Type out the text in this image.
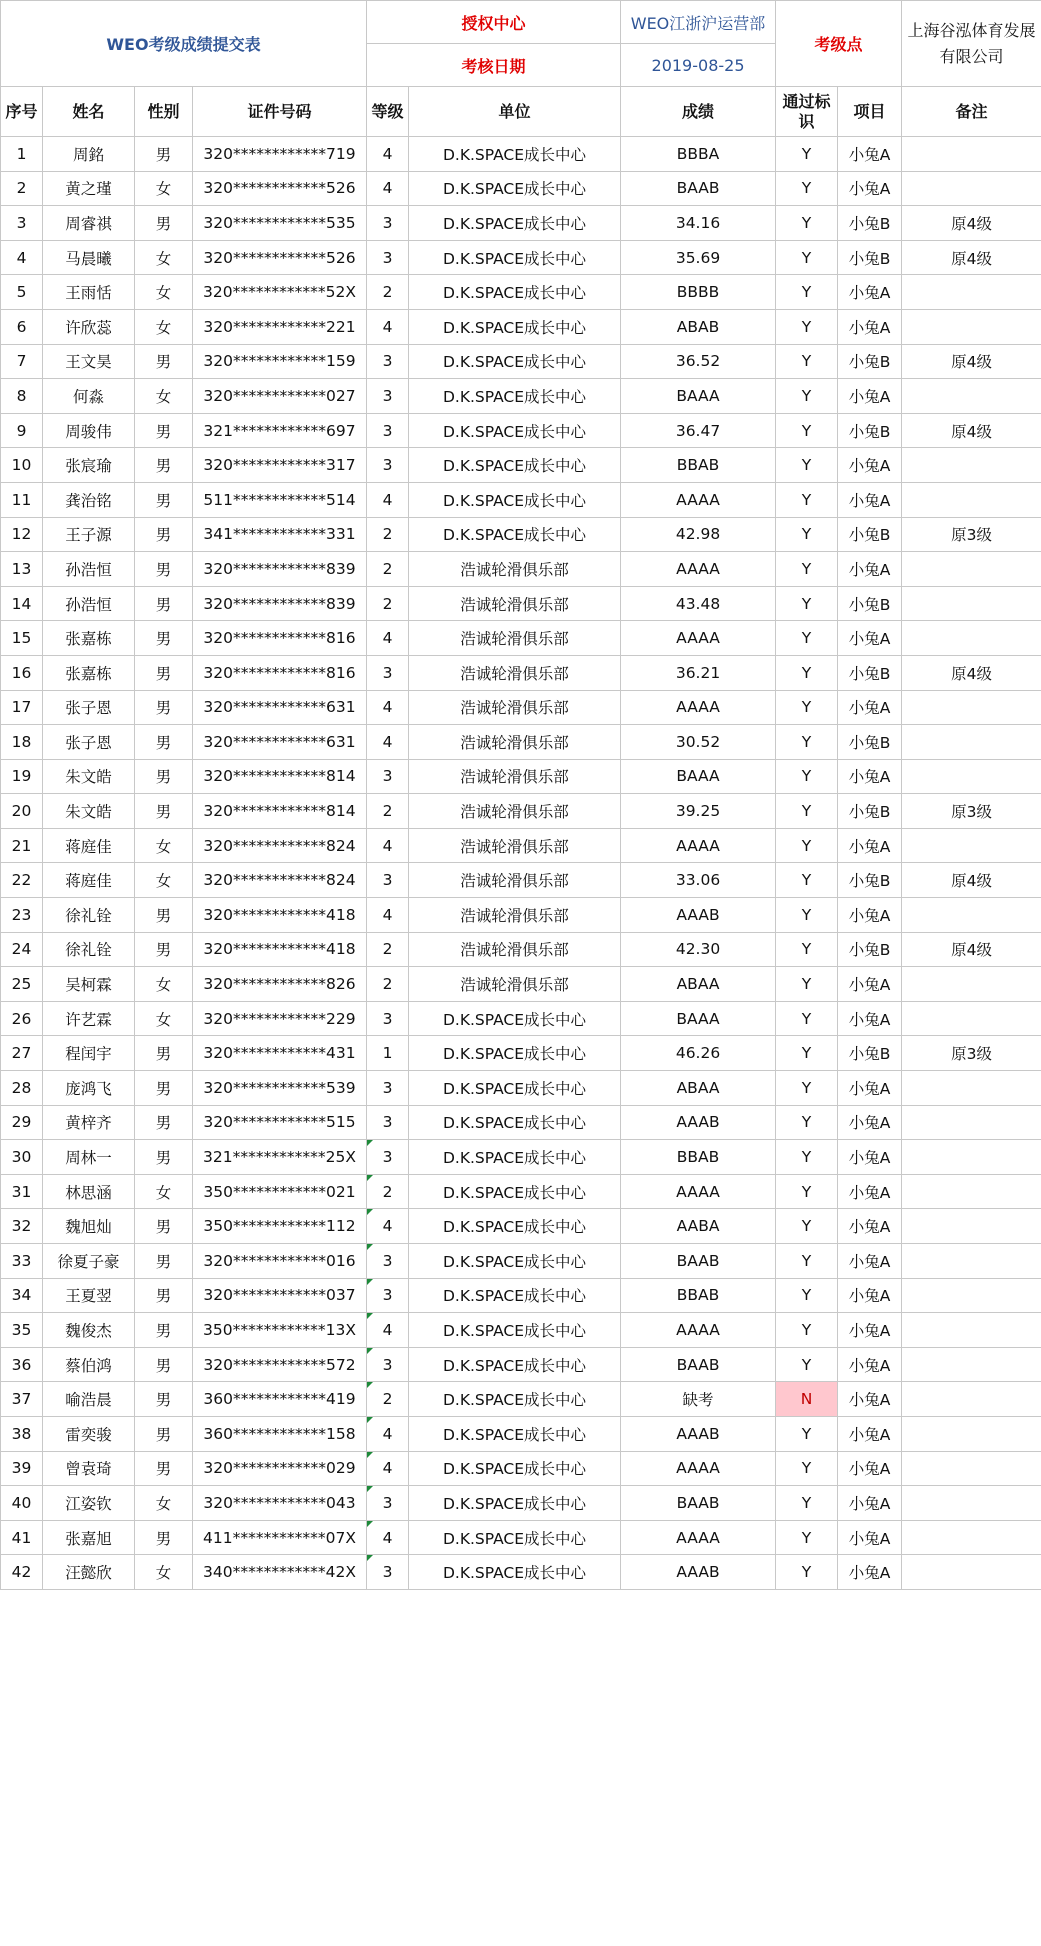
WEO考级成绩提交表				授权中心		WEO江浙沪运营部	考级点		上海谷泓体育发展有限公司
				考核日期		2019-08-25			
序号	姓名	性别	证件号码	等级	单位	成绩	通过标识	项目	备注
1	周銘	男	320************719	4	D.K.SPACE成长中心	BBBA	Y	小兔A	
2	黄之瑾	女	320************526	4	D.K.SPACE成长中心	BAAB	Y	小兔A	
3	周睿祺	男	320************535	3	D.K.SPACE成长中心	34.16	Y	小兔B	原4级
4	马晨曦	女	320************526	3	D.K.SPACE成长中心	35.69	Y	小兔B	原4级
5	王雨恬	女	320************52X	2	D.K.SPACE成长中心	BBBB	Y	小兔A	
6	许欣蕊	女	320************221	4	D.K.SPACE成长中心	ABAB	Y	小兔A	
7	王文昊	男	320************159	3	D.K.SPACE成长中心	36.52	Y	小兔B	原4级
8	何淼	女	320************027	3	D.K.SPACE成长中心	BAAA	Y	小兔A	
9	周骏伟	男	321************697	3	D.K.SPACE成长中心	36.47	Y	小兔B	原4级
10	张宸瑜	男	320************317	3	D.K.SPACE成长中心	BBAB	Y	小兔A	
11	龚治铭	男	511************514	4	D.K.SPACE成长中心	AAAA	Y	小兔A	
12	王子源	男	341************331	2	D.K.SPACE成长中心	42.98	Y	小兔B	原3级
13	孙浩恒	男	320************839	2	浩诚轮滑俱乐部	AAAA	Y	小兔A	
14	孙浩恒	男	320************839	2	浩诚轮滑俱乐部	43.48	Y	小兔B	
15	张嘉栋	男	320************816	4	浩诚轮滑俱乐部	AAAA	Y	小兔A	
16	张嘉栋	男	320************816	3	浩诚轮滑俱乐部	36.21	Y	小兔B	原4级
17	张子恩	男	320************631	4	浩诚轮滑俱乐部	AAAA	Y	小兔A	
18	张子恩	男	320************631	4	浩诚轮滑俱乐部	30.52	Y	小兔B	
19	朱文皓	男	320************814	3	浩诚轮滑俱乐部	BAAA	Y	小兔A	
20	朱文皓	男	320************814	2	浩诚轮滑俱乐部	39.25	Y	小兔B	原3级
21	蒋庭佳	女	320************824	4	浩诚轮滑俱乐部	AAAA	Y	小兔A	
22	蒋庭佳	女	320************824	3	浩诚轮滑俱乐部	33.06	Y	小兔B	原4级
23	徐礼铨	男	320************418	4	浩诚轮滑俱乐部	AAAB	Y	小兔A	
24	徐礼铨	男	320************418	2	浩诚轮滑俱乐部	42.30	Y	小兔B	原4级
25	吴柯霖	女	320************826	2	浩诚轮滑俱乐部	ABAA	Y	小兔A	
26	许艺霖	女	320************229	3	D.K.SPACE成长中心	BAAA	Y	小兔A	
27	程闰宇	男	320************431	1	D.K.SPACE成长中心	46.26	Y	小兔B	原3级
28	庞鸿飞	男	320************539	3	D.K.SPACE成长中心	ABAA	Y	小兔A	
29	黄梓齐	男	320************515	3	D.K.SPACE成长中心	AAAB	Y	小兔A	
30	周林一	男	321************25X	3	D.K.SPACE成长中心	BBAB	Y	小兔A	
31	林思涵	女	350************021	2	D.K.SPACE成长中心	AAAA	Y	小兔A	
32	魏旭灿	男	350************112	4	D.K.SPACE成长中心	AABA	Y	小兔A	
33	徐夏子豪	男	320************016	3	D.K.SPACE成长中心	BAAB	Y	小兔A	
34	王夏翌	男	320************037	3	D.K.SPACE成长中心	BBAB	Y	小兔A	
35	魏俊杰	男	350************13X	4	D.K.SPACE成长中心	AAAA	Y	小兔A	
36	蔡伯鸿	男	320************572	3	D.K.SPACE成长中心	BAAB	Y	小兔A	
37	喻浩晨	男	360************419	2	D.K.SPACE成长中心	缺考	N	小兔A	
38	雷奕骏	男	360************158	4	D.K.SPACE成长中心	AAAB	Y	小兔A	
39	曾袁琦	男	320************029	4	D.K.SPACE成长中心	AAAA	Y	小兔A	
40	江姿钦	女	320************043	3	D.K.SPACE成长中心	BAAB	Y	小兔A	
41	张嘉旭	男	411************07X	4	D.K.SPACE成长中心	AAAA	Y	小兔A	
42	汪懿欣	女	340************42X	3	D.K.SPACE成长中心	AAAB	Y	小兔A	
